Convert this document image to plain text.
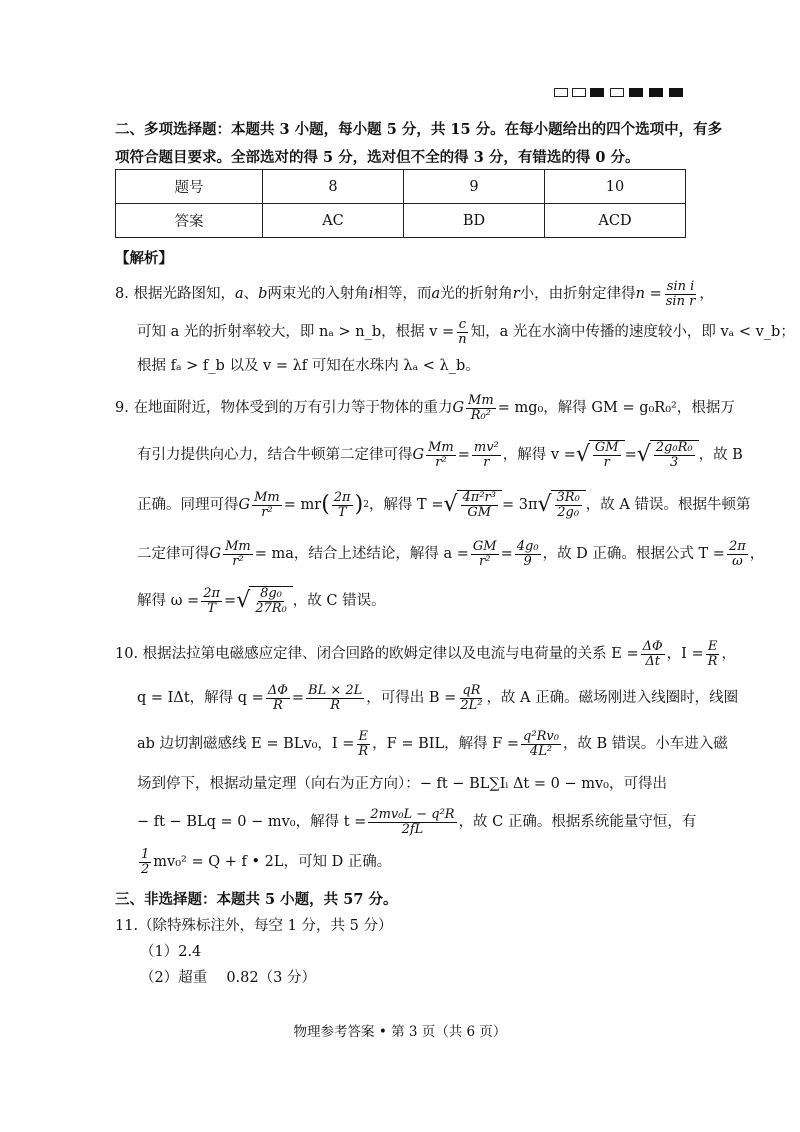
二、多项选择题：本题共 3 小题，每小题 5 分，共 15 分。在每小题给出的四个选项中，有多
项符合题目要求。全部选对的得 5 分，选对但不全的得 3 分，有错选的得 0 分。
题号	8	9	10
答案	AC	BD	ACD
【解析】
8.
根据光路图知， a 、 b 两束光的入射角 i 相等，而 a 光的折射角 r 小，由折射定律得 $n = \frac{\text{sin i}}{\text{sin r}}$ ，
可知 a 光的折射率较大，即 nₐ > n_b，根据 $v = \frac{c}{n}$ 知，a 光在水滴中传播的速度较小，即 vₐ < v_b；
根据 fₐ > f_b 以及 v = λf 可知在水珠内 λₐ < λ_b。
9.
在地面附近，物体受到的万有引力等于物体的重力 G $\frac{Mm}{\text{R₀²}} = mg_0$，解得 GM = g₀R₀²，根据万
有引力提供向心力，结合牛顿第二定律可得 G $\frac{Mm}{\text{r²}} = \frac{\text{mv²}}{r}$ ，解得 v = √ $\frac{GM}{r}$ = √ $\frac{\text{2g₀R₀}}{3}$ ，故 B
正确。同理可得 G $\frac{Mm}{\text{r²}}$ = mr ( $\frac{2\pi}{T}$ ) 2 ，解得 T = √ $\frac{\text{4π²r³}}{GM} = 3\pi$ √ $\frac{\text{3R₀}}{\text{2g₀}}$ ，故 A 错误。根据牛顿第
二定律可得 G $\frac{Mm}{\text{r²}}$ = ma，结合上述结论，解得 $a = \frac{GM}{\text{r²}} = \frac{\text{4g₀}}{9}$ ，故 D 正确。根据公式 $T = \frac{2\pi}{\omega}$ ，
解得 $\omega = \frac{2\pi}{T}$ = √ $\frac{\text{8g₀}}{\text{27R₀}}$ ，故 C 错误。
10.
根据法拉第电磁感应定律、闭合回路的欧姆定律以及电流与电荷量的关系 $E = \frac{\Delta\Phi}{\Delta t}$ ，$I = \frac{E}{R}$ ，
q = IΔt，解得 $q = \frac{\Delta\Phi}{R} = \frac{BL \times 2L}{R}$ ，可得出 $B = \frac{qR}{\text{2L²}}$ ，故 A 正确。磁场刚进入线圈时，线圈
ab 边切割磁感线 E = BLv₀，$I = \frac{E}{R}$ ，F = BIL，解得 $F = \frac{\text{q²Rv₀}}{\text{4L²}}$ ，故 B 错误。小车进入磁
场到停下，根据动量定理（向右为正方向）：− ft − BL∑Iᵢ Δt = 0 − mv₀，可得出
− ft − BLq = 0 − mv₀，解得 $t = \frac{\text{2mv₀L − q²R}}{2fL}$ ，故 C 正确。根据系统能量守恒，有
$\frac{1}{2} mv_0^2 = Q + f$ • 2L，可知 D 正确。
三、非选择题：本题共 5 小题，共 57 分。
11.（除特殊标注外，每空 1 分，共 5 分）
（1）2.4
（2）超重　 0.82（3 分）
物理参考答案 • 第 3 页（共 6 页）
